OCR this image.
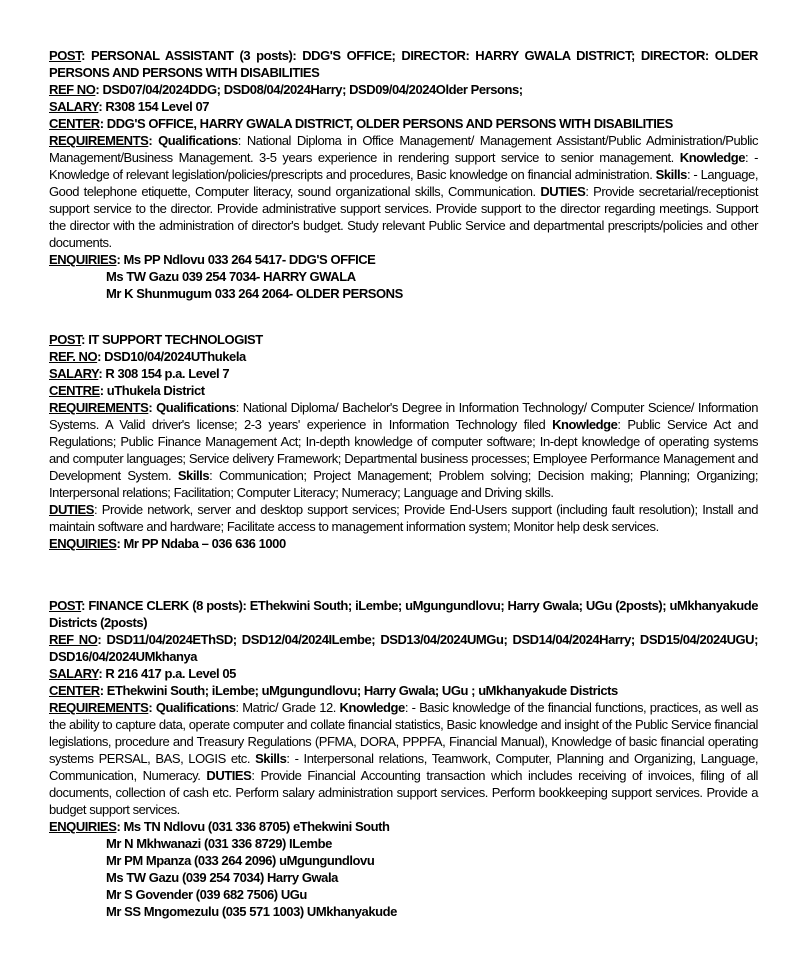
POST: PERSONAL ASSISTANT (3 posts): DDG'S OFFICE; DIRECTOR: HARRY GWALA DISTRICT; DIRECTOR: OLDER PERSONS AND PERSONS WITH DISABILITIES
REF NO: DSD07/04/2024DDG; DSD08/04/2024Harry; DSD09/04/2024Older Persons;
SALARY: R308 154 Level 07
CENTER: DDG'S OFFICE, HARRY GWALA DISTRICT, OLDER PERSONS AND PERSONS WITH DISABILITIES
REQUIREMENTS: Qualifications: National Diploma in Office Management/ Management Assistant/Public Administration/Public Management/Business Management. 3-5 years experience in rendering support service to senior management. Knowledge: - Knowledge of relevant legislation/policies/prescripts and procedures, Basic knowledge on financial administration. Skills: - Language, Good telephone etiquette, Computer literacy, sound organizational skills, Communication. DUTIES: Provide secretarial/receptionist support service to the director. Provide administrative support services. Provide support to the director regarding meetings. Support the director with the administration of director's budget. Study relevant Public Service and departmental prescripts/policies and other documents.
ENQUIRIES: Ms PP Ndlovu 033 264 5417- DDG'S OFFICE
Ms TW Gazu 039 254 7034- HARRY GWALA
Mr K Shunmugum 033 264 2064- OLDER PERSONS
POST: IT SUPPORT TECHNOLOGIST
REF. NO: DSD10/04/2024UThukela
SALARY: R 308 154 p.a. Level 7
CENTRE: uThukela District
REQUIREMENTS: Qualifications: National Diploma/ Bachelor's Degree in Information Technology/ Computer Science/ Information Systems. A Valid driver's license; 2-3 years' experience in Information Technology filed Knowledge: Public Service Act and Regulations; Public Finance Management Act; In-depth knowledge of computer software; In-dept knowledge of operating systems and computer languages; Service delivery Framework; Departmental business processes; Employee Performance Management and Development System. Skills: Communication; Project Management; Problem solving; Decision making; Planning; Organizing; Interpersonal relations; Facilitation; Computer Literacy; Numeracy; Language and Driving skills.
DUTIES: Provide network, server and desktop support services; Provide End-Users support (including fault resolution); Install and maintain software and hardware; Facilitate access to management information system; Monitor help desk services.
ENQUIRIES: Mr PP Ndaba – 036 636 1000
POST: FINANCE CLERK (8 posts): EThekwini South; iLembe; uMgungundlovu; Harry Gwala; UGu (2posts); uMkhanyakude Districts (2posts)
REF NO: DSD11/04/2024EThSD; DSD12/04/2024ILembe; DSD13/04/2024UMGu; DSD14/04/2024Harry; DSD15/04/2024UGU; DSD16/04/2024UMkhanya
SALARY: R 216 417 p.a. Level 05
CENTER: EThekwini South; iLembe; uMgungundlovu; Harry Gwala; UGu ; uMkhanyakude Districts
REQUIREMENTS: Qualifications: Matric/ Grade 12. Knowledge: - Basic knowledge of the financial functions, practices, as well as the ability to capture data, operate computer and collate financial statistics, Basic knowledge and insight of the Public Service financial legislations, procedure and Treasury Regulations (PFMA, DORA, PPPFA, Financial Manual), Knowledge of basic financial operating systems PERSAL, BAS, LOGIS etc. Skills: - Interpersonal relations, Teamwork, Computer, Planning and Organizing, Language, Communication, Numeracy. DUTIES: Provide Financial Accounting transaction which includes receiving of invoices, filing of all documents, collection of cash etc. Perform salary administration support services. Perform bookkeeping support services. Provide a budget support services.
ENQUIRIES: Ms TN Ndlovu (031 336 8705) eThekwini South
Mr N Mkhwanazi (031 336 8729) ILembe
Mr PM Mpanza (033 264 2096) uMgungundlovu
Ms TW Gazu (039 254 7034) Harry Gwala
Mr S Govender (039 682 7506) UGu
Mr SS Mngomezulu (035 571 1003) UMkhanyakude
